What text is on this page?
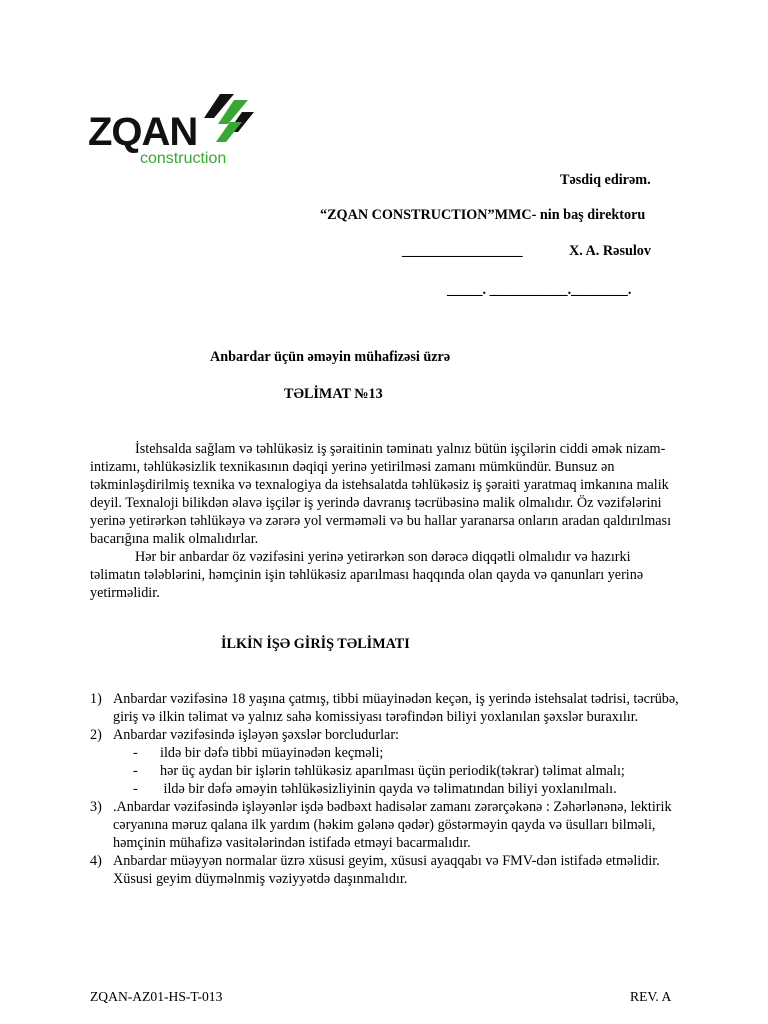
ZQAN
construction
Təsdiq edirəm.
“ZQAN CONSTRUCTION”MMC- nin baş direktoru
_________________	X. A. Rəsulov
_____. ___________.________.
Anbardar üçün əməyin mühafizəsi üzrə
TƏLİMAT №13

İstehsalda sağlam və təhlükəsiz iş şəraitinin təminatı yalnız bütün işçilərin ciddi əmək nizam-intizamı, təhlükəsizlik texnikasının dəqiqi yerinə yetirilməsi zamanı mümkündür. Bunsuz ən təkminləşdirilmiş texnika və texnalogiya da istehsalatda təhlükəsiz iş şəraiti yaratmaq imkanına malik deyil. Texnaloji bilikdən əlavə işçilər iş yerində davranış təcrübəsinə malik olmalıdır. Öz vəzifələrini yerinə yetirərkən təhlükəyə və zərərə yol verməməli və bu hallar yaranarsa onların aradan qaldırılması bacarığına malik olmalıdırlar.

Hər bir anbardar öz vəzifəsini yerinə yetirərkən son dərəcə diqqətli olmalıdır və hazırki təlimatın tələblərini, həmçinin işin təhlükəsiz aparılması haqqında olan qayda və qanunları yerinə yetirməlidir.

İLKİN İŞƏ GİRİŞ TƏLİMATI
1) Anbardar vəzifəsinə 18 yaşına çatmış, tibbi müayinədən keçən, iş yerində istehsalat tədrisi, təcrübə, giriş və ilkin təlimat və yalnız sahə komissiyası tərəfindən biliyi yoxlanılan şəxslər buraxılır.
2) Anbardar vəzifəsində işləyən şəxslər borcludurlar:
- ildə bir dəfə tibbi müayinədən keçməli;
- hər üç aydan bir işlərin təhlükəsiz aparılması üçün periodik(təkrar) təlimat almalı;
- ildə bir dəfə əməyin təhlükəsizliyinin qayda və təlimatından biliyi yoxlanılmalı.
3) .Anbardar vəzifəsində işləyənlər işdə bədbəxt hadisələr zamanı zərərçəkənə : Zəhərlənənə, lektirik cəryanına məruz qalana ilk yardım (həkim gələnə qədər) göstərməyin qayda və üsulları bilməli, həmçinin mühafizə vasitələrindən istifadə etməyi bacarmalıdır.
4) Anbardar müəyyən normalar üzrə xüsusi geyim, xüsusi ayaqqabı və FMV-dən istifadə etməlidir. Xüsusi geyim düyməlnmiş vəziyyətdə daşınmalıdır.
ZQAN-AZ01-HS-T-013	REV. A
